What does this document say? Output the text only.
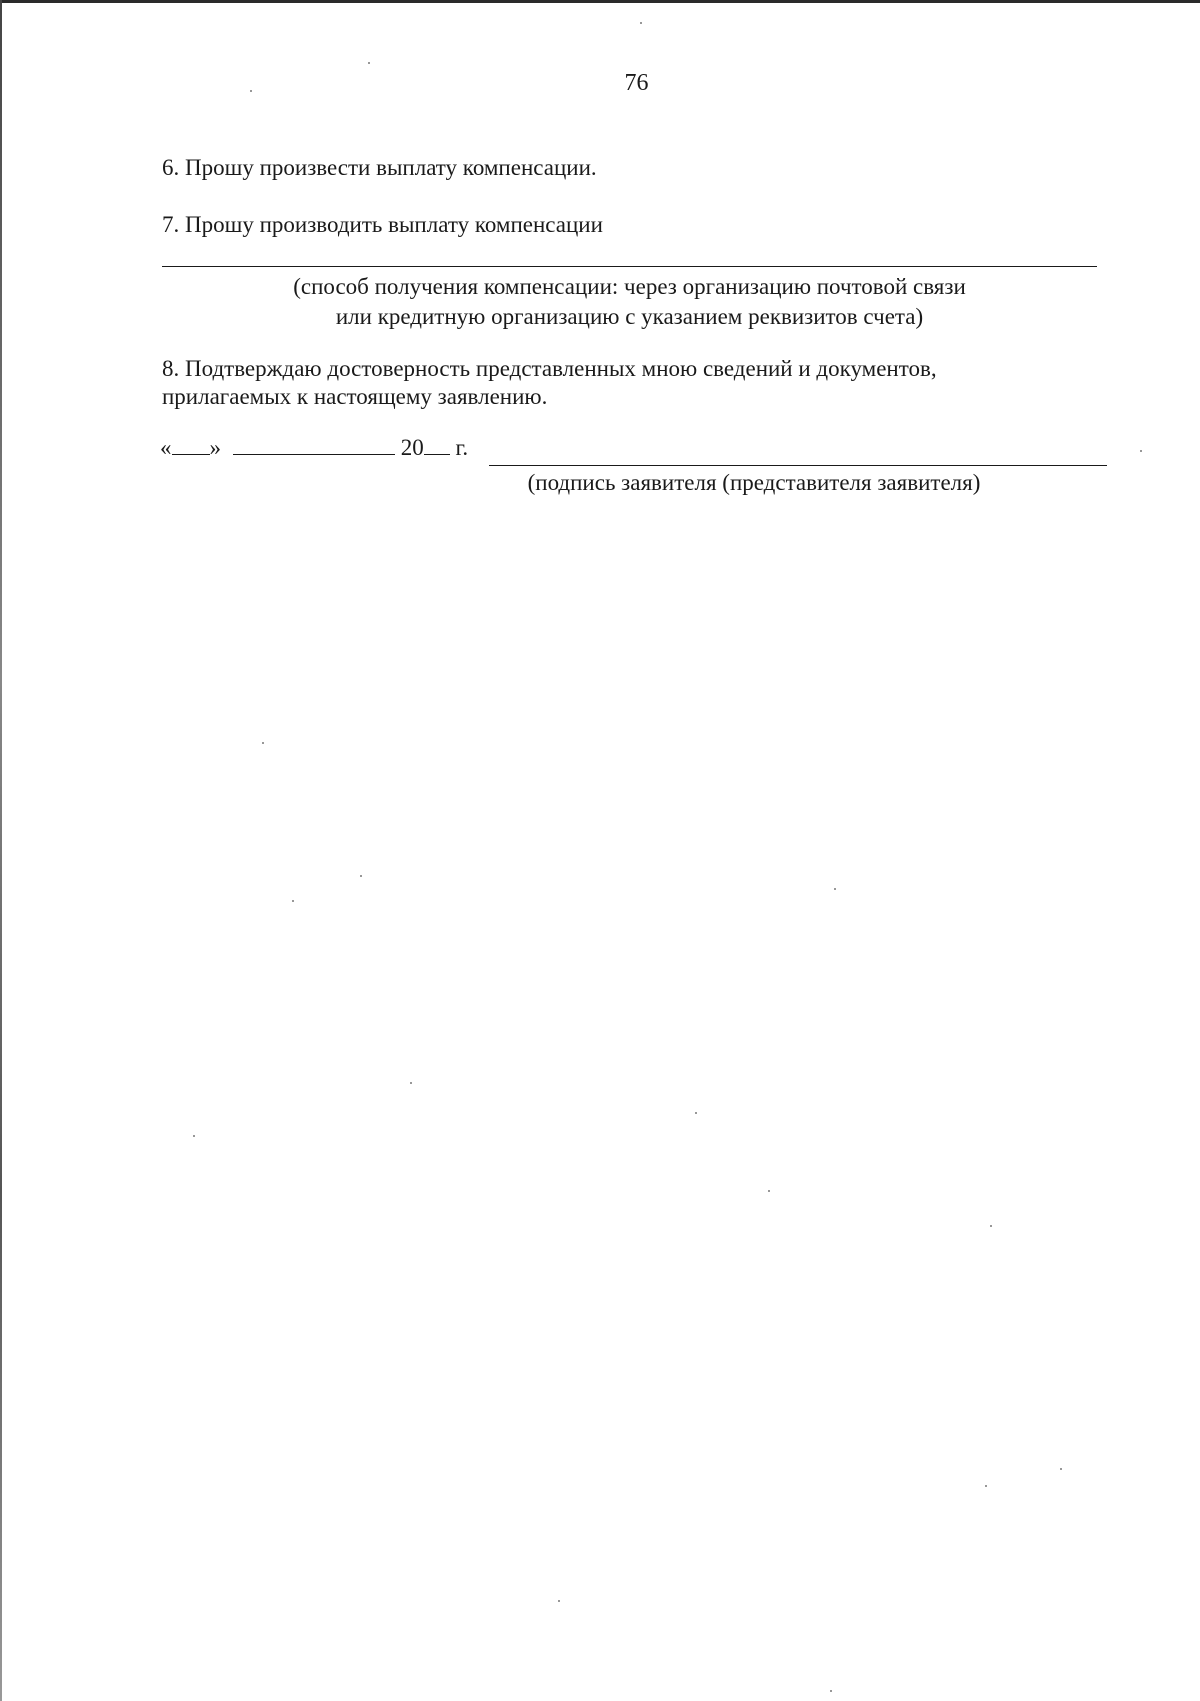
76
6. Прошу произвести выплату компенсации.
7. Прошу производить выплату компенсации
(способ получения компенсации: через организацию почтовой связи
или кредитную организацию с указанием реквизитов счета)
8. Подтверждаю достоверность представленных мною сведений и документов,
прилагаемых к настоящему заявлению.
« »	20 г.
(подпись заявителя (представителя заявителя)
